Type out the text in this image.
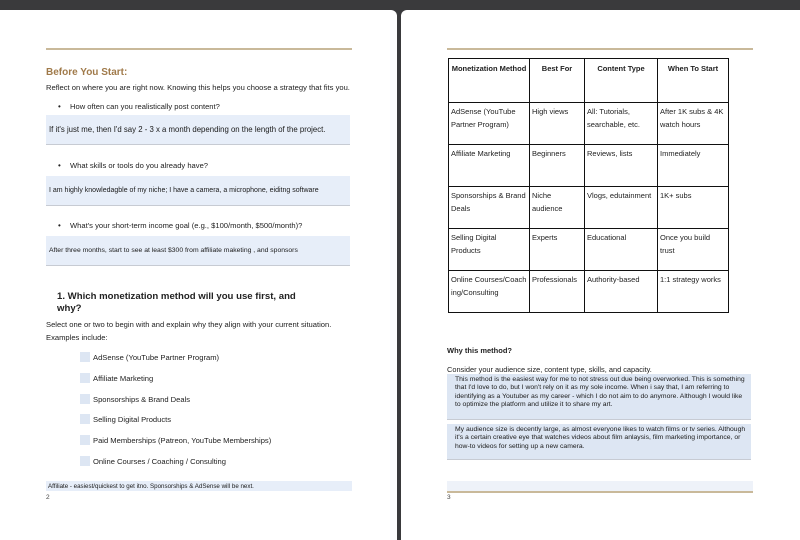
Before You Start:
Reflect on where you are right now. Knowing this helps you choose a strategy that fits you.
• How often can you realistically post content?
If it's just me, then I'd say 2 - 3 x a month depending on the length of the project.
• What skills or tools do you already have?
I am highly knowledagble of my niche; I have a camera, a microphone, eiditng software
• What's your short-term income goal (e.g., $100/month, $500/month)?
After three months, start to see at least $300 from affiliate maketing , and sponsors
1. Which monetization method will you use first, and why?
Select one or two to begin with and explain why they align with your current situation. Examples include:
AdSense (YouTube Partner Program)
Affiliate Marketing
Sponsorships & Brand Deals
Selling Digital Products
Paid Memberships (Patreon, YouTube Memberships)
Online Courses / Coaching / Consulting
Affiliate - easiest/quickest to get itno. Sponsorships & AdSense will be next.
2
Monetization Method	Best For	Content Type	When To Start
AdSense (YouTube Partner Program)	High views	All: Tutorials, searchable, etc.	After 1K subs & 4K watch hours
Affiliate Marketing	Beginners	Reviews, lists	Immediately
Sponsorships & Brand Deals	Niche audience	Vlogs, edutainment	1K+ subs
Selling Digital Products	Experts	Educational	Once you build trust
Online Courses/Coaching/Consulting	Professionals	Authority-based	1:1 strategy works
Why this method?
Consider your audience size, content type, skills, and capacity.
This method is the easiest way for me to not stress out due being overworked. This is something that I'd love to do, but I won't rely on it as my sole income. When i say that, I am referring to identifying as a Youtuber as my career - which I do not aim to do anymore. Although I would like to optimize the platform and utilize it to share my art.
My audience size is decently large, as almost everyone likes to watch films or tv series. Although it's a certain creative eye that watches videos about film anlaysis, film marketing importance, or how-to videos for setting up a new camera.
3
